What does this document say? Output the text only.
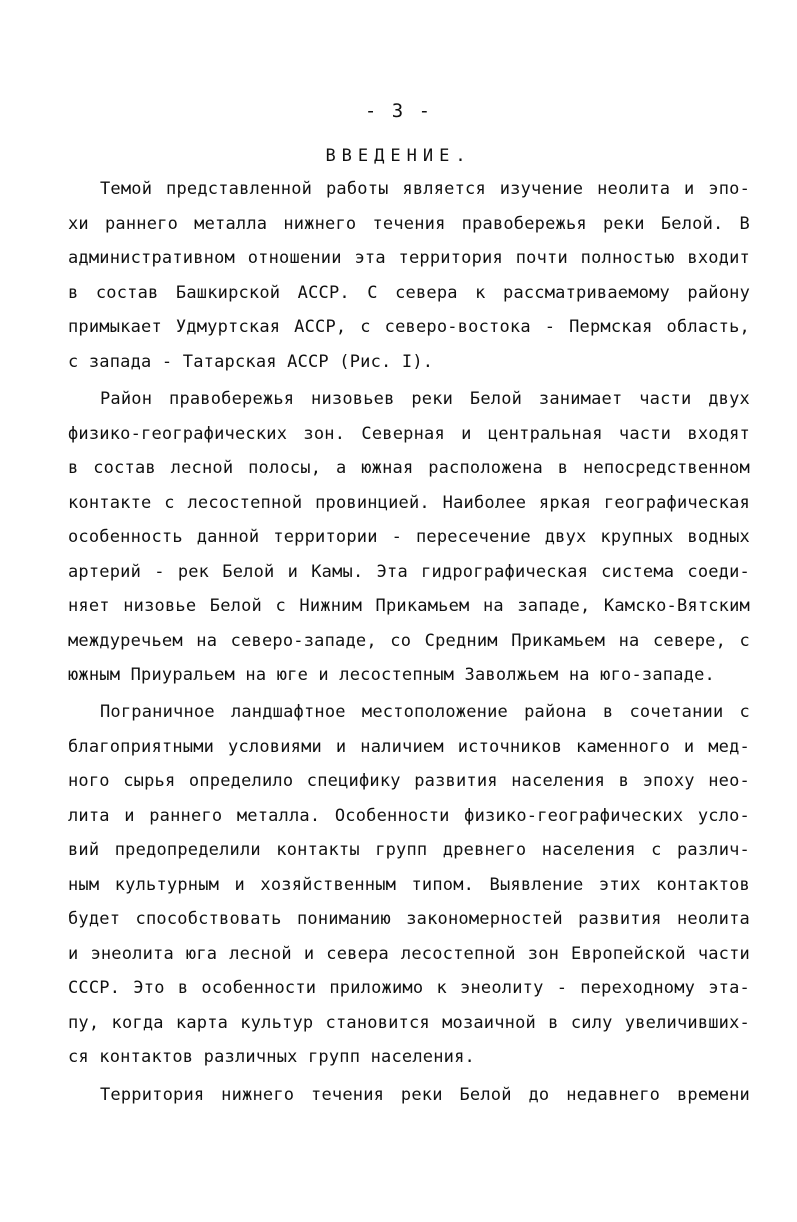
- 3 -
ВВЕДЕНИЕ.
Темой представленной работы является изучение неолита и эпо-
хи раннего металла нижнего течения правобережья реки Белой. В
административном отношении эта территория почти полностью входит
в состав Башкирской АССР. С севера к рассматриваемому району
примыкает Удмуртская АССР, с северо-востока - Пермская область,
с запада - Татарская АССР (Рис. I).
Район правобережья низовьев реки Белой занимает части двух
физико-географических зон. Северная и центральная части входят
в состав лесной полосы, а южная расположена в непосредственном
контакте с лесостепной провинцией. Наиболее яркая географическая
особенность данной территории - пересечение двух крупных водных
артерий - рек Белой и Камы. Эта гидрографическая система соеди-
няет низовье Белой с Нижним Прикамьем на западе, Камско-Вятским
междуречьем на северо-западе, со Средним Прикамьем на севере, с
южным Приуральем на юге и лесостепным Заволжьем на юго-западе.
Пограничное ландшафтное местоположение района в сочетании с
благоприятными условиями и наличием источников каменного и мед-
ного сырья определило специфику развития населения в эпоху нео-
лита и раннего металла. Особенности физико-географических усло-
вий предопределили контакты групп древнего населения с различ-
ным культурным и хозяйственным типом. Выявление этих контактов
будет способствовать пониманию закономерностей развития неолита
и энеолита юга лесной и севера лесостепной зон Европейской части
СССР. Это в особенности приложимо к энеолиту - переходному эта-
пу, когда карта культур становится мозаичной в силу увеличивших-
ся контактов различных групп населения.
Территория нижнего течения реки Белой до недавнего времени
